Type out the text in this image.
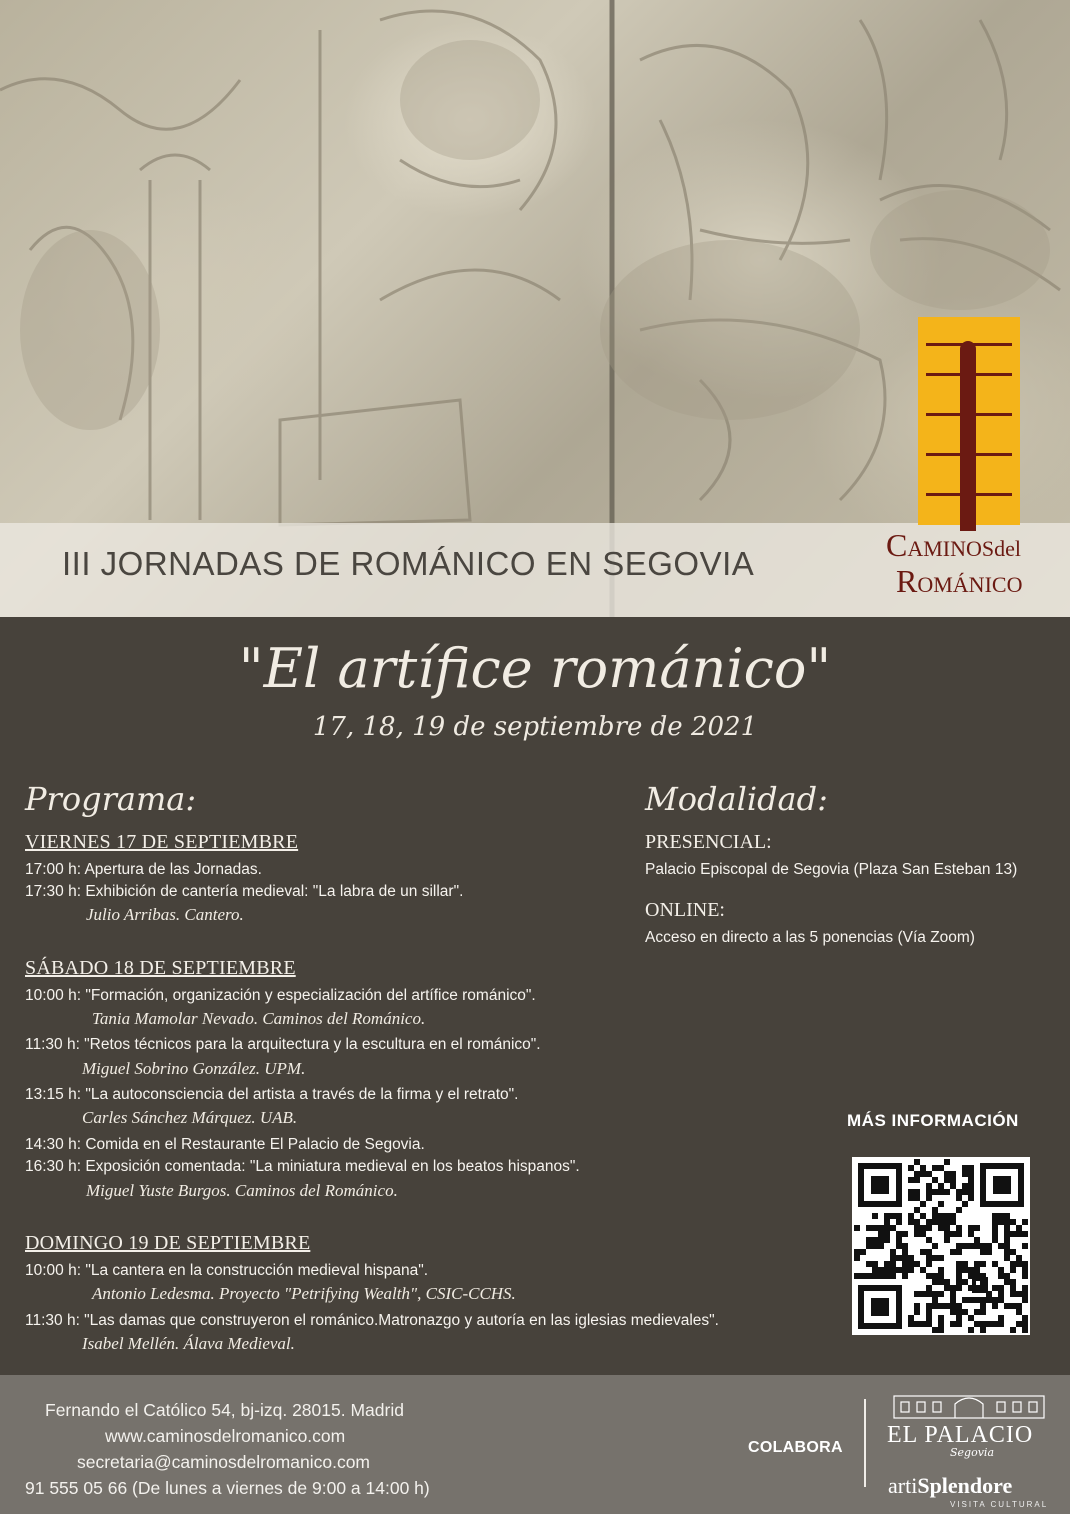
III JORNADAS DE ROMÁNICO EN SEGOVIA	CAMINOSdel
ROMÁNICO
"El artífice románico"
17, 18, 19 de septiembre de 2021
Programa:
VIERNES 17 DE SEPTIEMBRE
17:00 h: Apertura de las Jornadas.
17:30 h: Exhibición de cantería medieval: "La labra de un sillar".
Julio Arribas. Cantero.
SÁBADO 18 DE SEPTIEMBRE
10:00 h: "Formación, organización y especialización del artífice románico".
Tania Mamolar Nevado. Caminos del Románico.
11:30 h: "Retos técnicos para la arquitectura y la escultura en el románico".
Miguel Sobrino González. UPM.
13:15 h: "La autoconsciencia del artista a través de la firma y el retrato".
Carles Sánchez Márquez. UAB.
14:30 h: Comida en el Restaurante El Palacio de Segovia.
16:30 h: Exposición comentada: "La miniatura medieval en los beatos hispanos".
Miguel Yuste Burgos. Caminos del Románico.
DOMINGO 19 DE SEPTIEMBRE
10:00 h: "La cantera en la construcción medieval hispana".
Antonio Ledesma. Proyecto "Petrifying Wealth", CSIC-CCHS.
11:30 h: "Las damas que construyeron el románico.Matronazgo y autoría en las iglesias medievales".
Isabel Mellén. Álava Medieval.
Modalidad:
PRESENCIAL:
Palacio Episcopal de Segovia (Plaza San Esteban 13)
ONLINE:
Acceso en directo a las 5 ponencias (Vía Zoom)
MÁS INFORMACIÓN
Fernando el Católico 54, bj-izq. 28015. Madrid
www.caminosdelromanico.com
secretaria@caminosdelromanico.com
91 555 05 66 (De lunes a viernes de 9:00 a 14:00 h)
COLABORA EL PALACIO
Segovia
artiSplendore
VISITA CULTURAL
